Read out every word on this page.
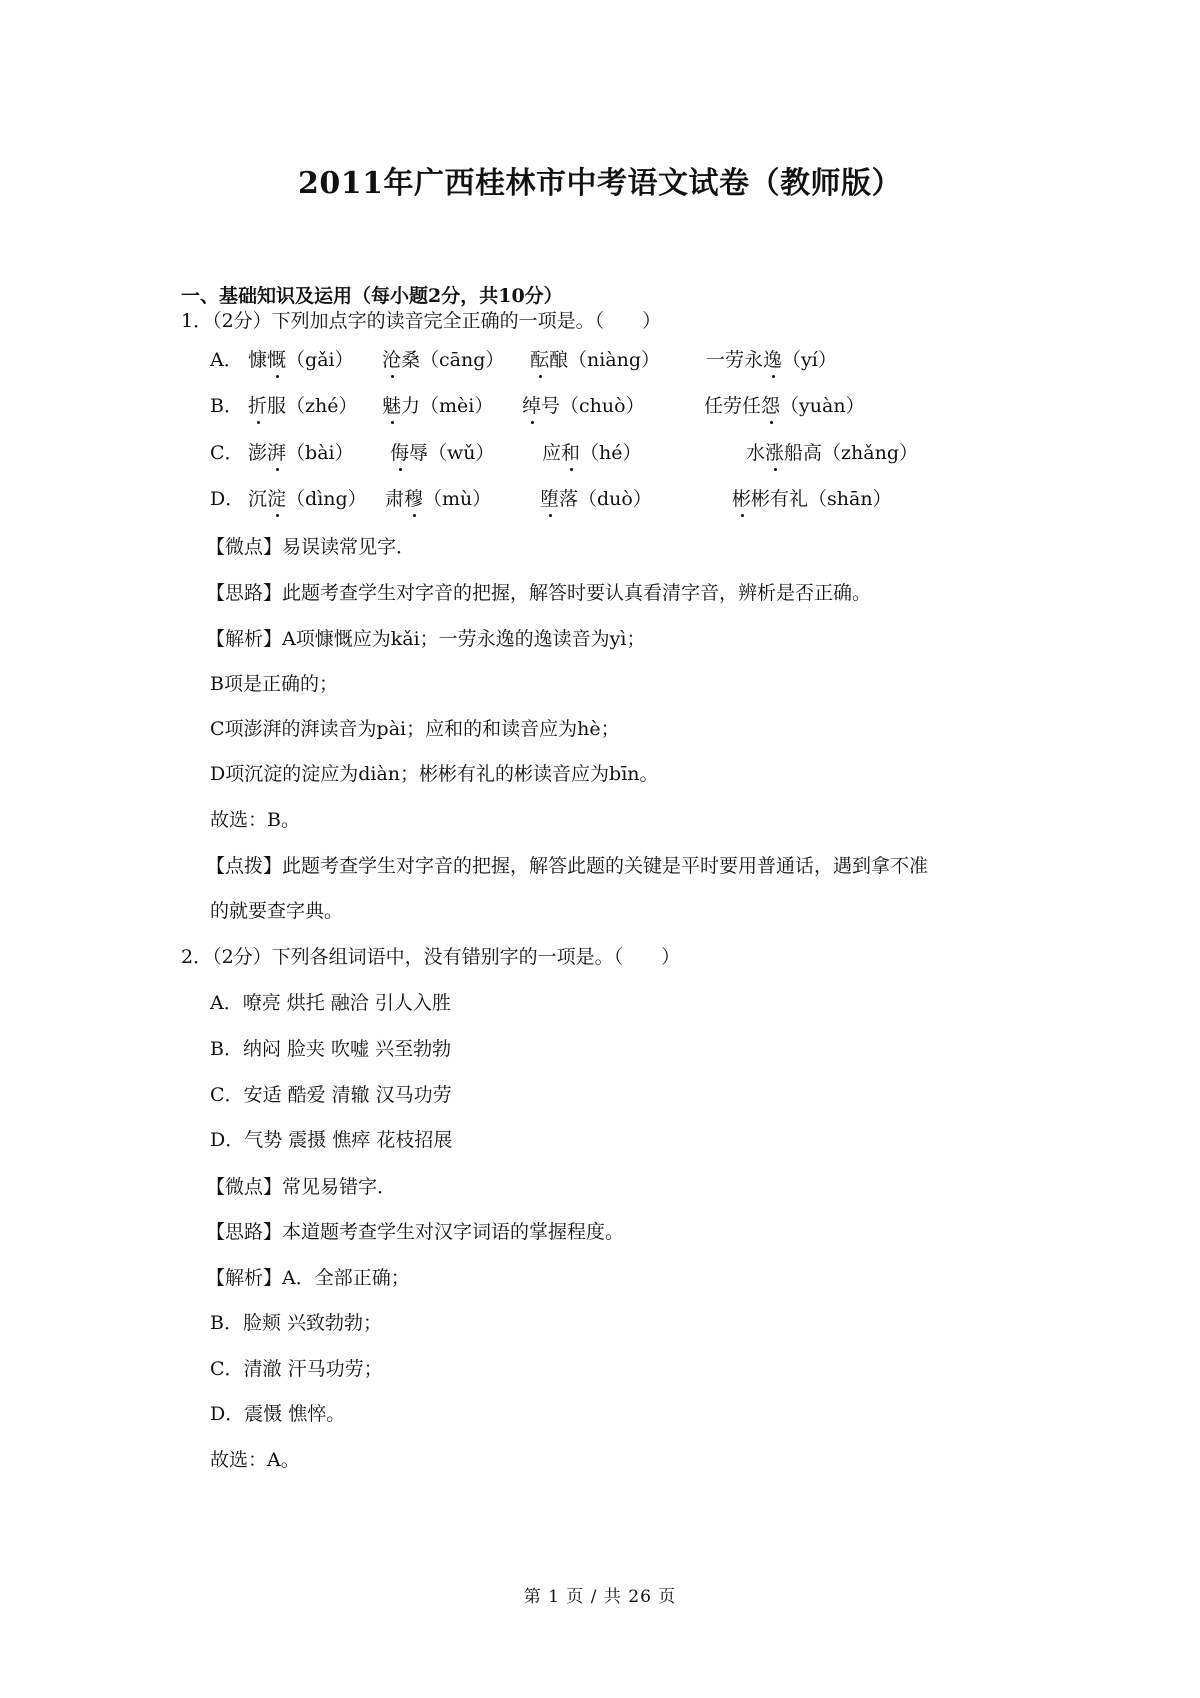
2011年广西桂林市中考语文试卷（教师版）
一、基础知识及运用（每小题2分，共10分）
1．（2分）下列加点字的读音完全正确的一项是。（　　）
A． 慷慨（gǎi） 沧桑（cāng） 酝酿（niàng） 一劳永逸（yí）
B． 折服（zhé） 魅力（mèi） 绰号（chuò）	任劳任怨（yuàn）
C． 澎湃（bài） 侮辱（wǔ） 应和（hé）	水涨船高（zhǎng）
D． 沉淀（dìng） 肃穆（mù）	堕落（duò）	彬彬有礼（shān）
【微点】易误读常见字．
【思路】此题考查学生对字音的把握，解答时要认真看清字音，辨析是否正确。
【解析】A项慷慨应为kǎi；一劳永逸的逸读音为yì；
B项是正确的；
C项澎湃的湃读音为pài；应和的和读音应为hè；
D项沉淀的淀应为diàn；彬彬有礼的彬读音应为bīn。
故选：B。
【点拨】此题考查学生对字音的把握，解答此题的关键是平时要用普通话，遇到拿不准
的就要查字典。
2．（2分）下列各组词语中，没有错别字的一项是。（　　）
A．嘹亮 烘托 融洽 引人入胜
B．纳闷 脸夹 吹嘘 兴至勃勃
C．安适 酷爱 清辙 汉马功劳
D．气势 震摄 憔瘁 花枝招展
【微点】常见易错字．
【思路】本道题考查学生对汉字词语的掌握程度。
【解析】A．全部正确；
B．脸颊 兴致勃勃；
C．清澈 汗马功劳；
D．震慑 憔悴。
故选：A。
第 1 页 / 共 26 页
